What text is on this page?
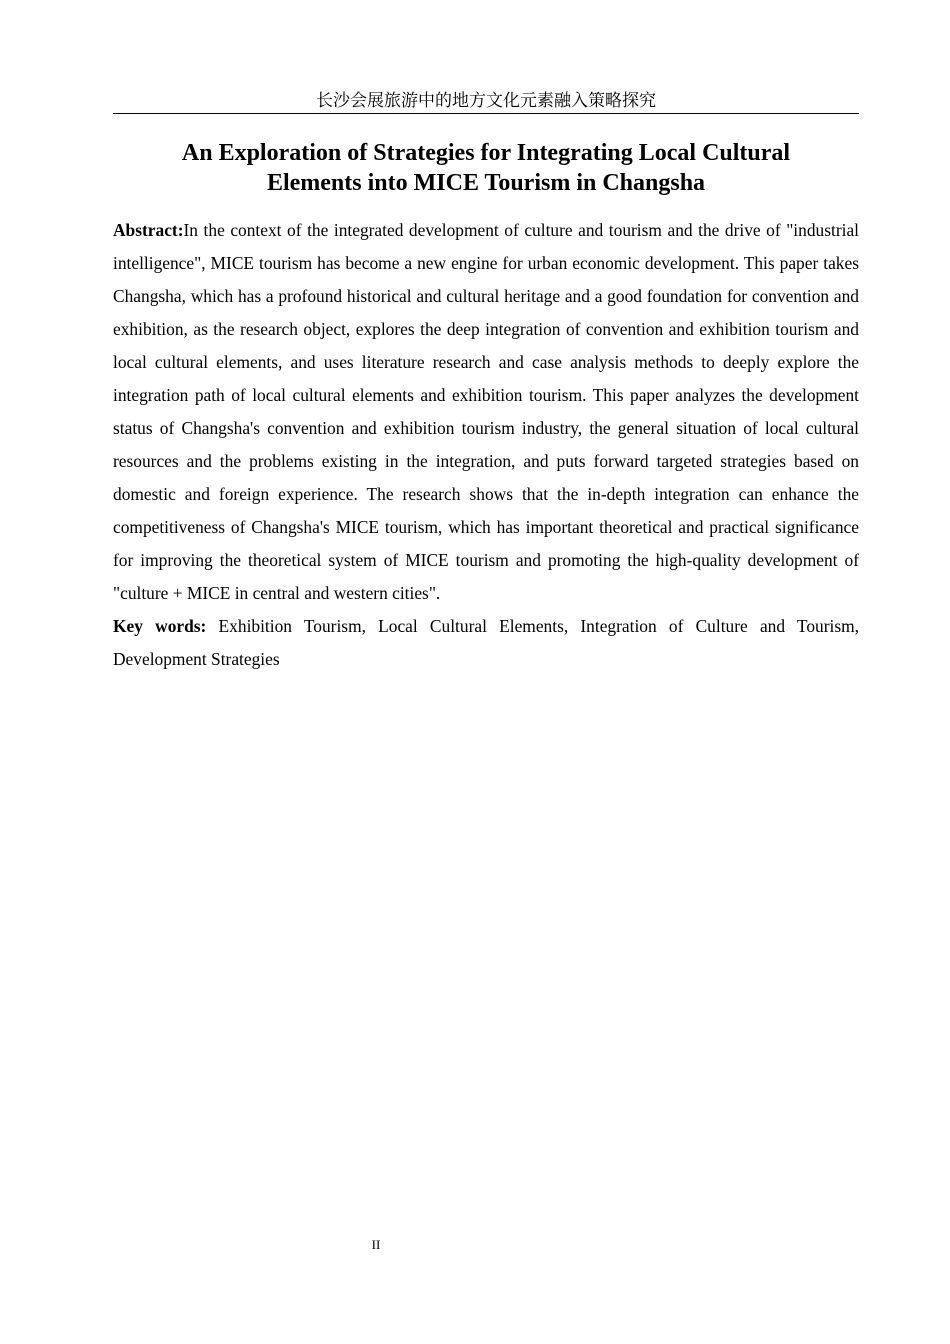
长沙会展旅游中的地方文化元素融入策略探究
An Exploration of Strategies for Integrating Local Cultural
Elements into MICE Tourism in Changsha

Abstract:In the context of the integrated development of culture and tourism and the drive of "industrial intelligence", MICE tourism has become a new engine for urban economic development. This paper takes Changsha, which has a profound historical and cultural heritage and a good foundation for convention and exhibition, as the research object, explores the deep integration of convention and exhibition tourism and local cultural elements, and uses literature research and case analysis methods to deeply explore the integration path of local cultural elements and exhibition tourism. This paper analyzes the development status of Changsha's convention and exhibition tourism industry, the general situation of local cultural resources and the problems existing in the integration, and puts forward targeted strategies based on domestic and foreign experience. The research shows that the in-depth integration can enhance the competitiveness of Changsha's MICE tourism, which has important theoretical and practical significance for improving the theoretical system of MICE tourism and promoting the high-quality development of "culture + MICE in central and western cities".

Key words: Exhibition Tourism, Local Cultural Elements, Integration of Culture and Tourism, Development Strategies

II
